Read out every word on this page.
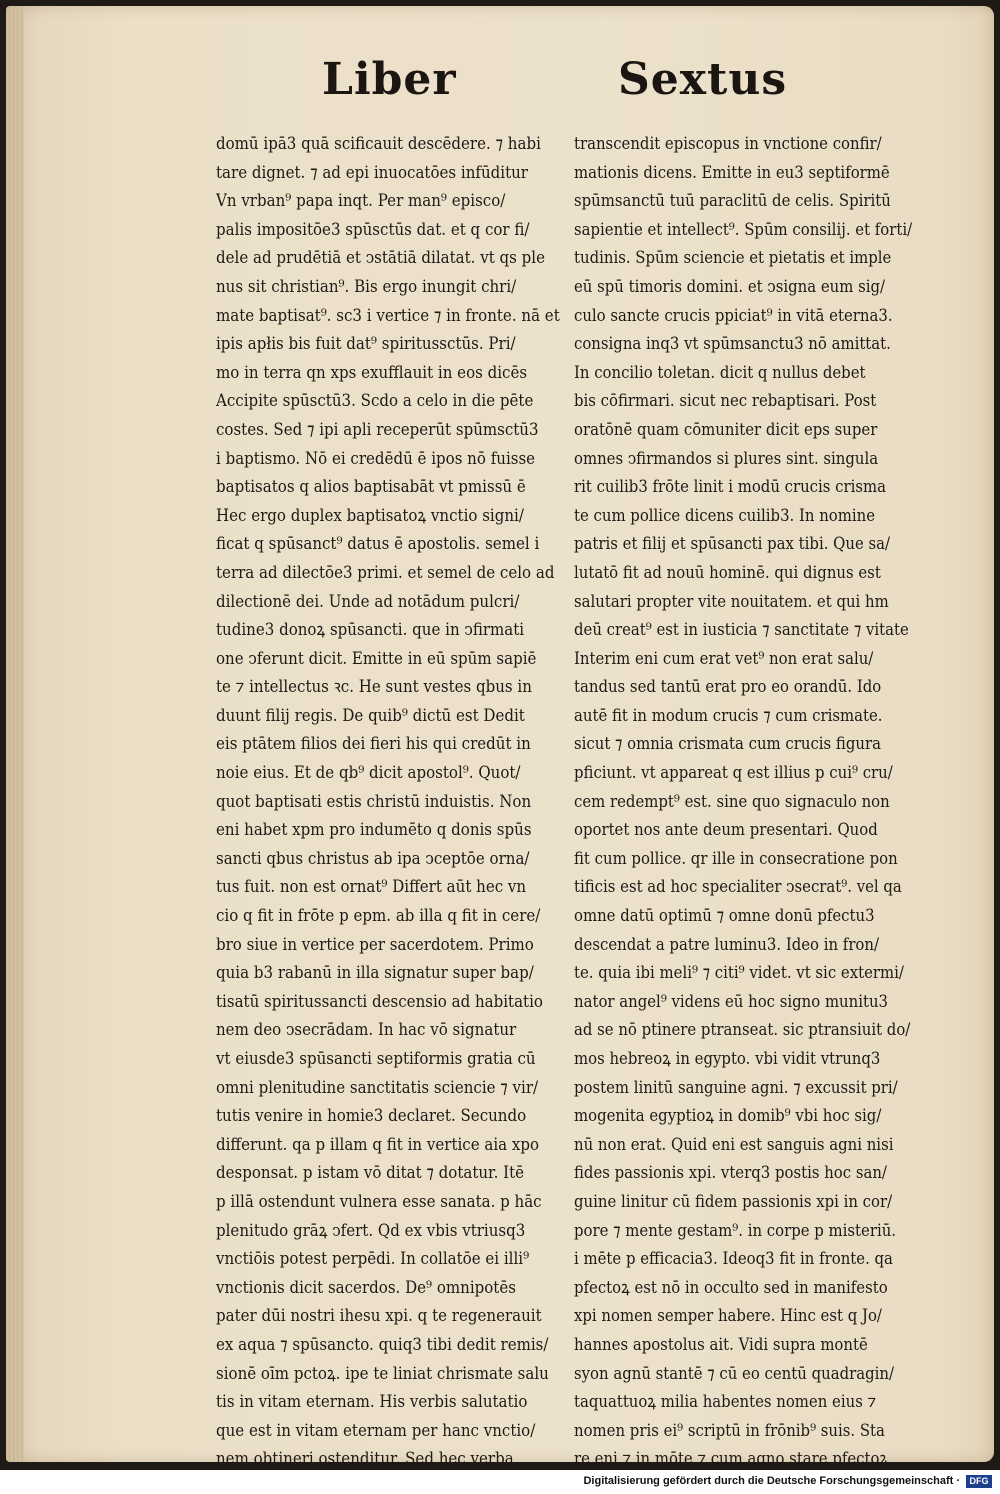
Liber	Sextus
domū ipā3 quā scificauit descēdere. ⁊ habi
tare dignet. ⁊ ad epi inuocatōes infūditur
Vn vrban⁹ papa inqt. Per man⁹ episco/
palis impositōe3 spūsctūs dat. et q cor fi/
dele ad prudētiā et ↄstātiā dilatat. vt qs ple
nus sit christian⁹. Bis ergo inungit chri/
mate baptisat⁹. sc3 i vertice ⁊ in fronte. nā et
ipis apłis bis fuit dat⁹ spiritussctūs. Pri/
mo in terra qn xps exufflauit in eos dicēs
Accipite spūsctū3. Scdo a celo in die pēte
costes. Sed ⁊ ipi apli receperūt spūmsctū3
i baptismo. Nō ei credēdū ē ipos nō fuisse
baptisatos q alios baptisabāt vt pmissū ē
Hec ergo duplex baptisatoꝝ vnctio signi/
ficat q spūsanct⁹ datus ē apostolis. semel i
terra ad dilectōe3 primi. et semel de celo ad
dilectionē dei. Unde ad notādum pulcri/
tudine3 donoꝝ spūsancti. que in ↄfirmati
one ↄferunt dicit. Emitte in eū spūm sapiē
te ⁊ intellectus ꝛc. He sunt vestes qbus in
duunt filij regis. De quib⁹ dictū est Dedit
eis ptātem filios dei fieri his qui credūt in
noie eius. Et de qb⁹ dicit apostol⁹. Quot/
quot baptisati estis christū induistis. Non
eni habet xpm pro indumēto q donis spūs
sancti qbus christus ab ipa ↄceptōe orna/
tus fuit. non est ornat⁹ Differt aūt hec vn
cio q fit in frōte p epm. ab illa q fit in cere/
bro siue in vertice per sacerdotem. Primo
quia b3 rabanū in illa signatur super bap/
tisatū spiritussancti descensio ad habitatio
nem deo ↄsecrādam. In hac vō signatur
vt eiusde3 spūsancti septiformis gratia cū
omni plenitudine sanctitatis sciencie ⁊ vir/
tutis venire in homie3 declaret. Secundo
differunt. qa p illam q fit in vertice aia xpo
desponsat. p istam vō ditat ⁊ dotatur. Itē
p illā ostendunt vulnera esse sanata. p hāc
plenitudo grāꝝ ↄfert. Qd ex vbis vtriusq3
vnctiōis potest perpēdi. In collatōe ei illi⁹
vnctionis dicit sacerdos. De⁹ omnipotēs
pater dūi nostri ihesu xpi. q te regenerauit
ex aqua ⁊ spūsancto. quiq3 tibi dedit remis/
sionē oīm pctoꝝ. ipe te liniat chrismate salu
tis in vitam eternam. His verbis salutatio
que est in vitam eternam per hanc vnctio/
nem obtineri ostenditur. Sed hec verba
transcendit episcopus in vnctione confir/
mationis dicens. Emitte in eu3 septiformē
spūmsanctū tuū paraclitū de celis. Spiritū
sapientie et intellect⁹. Spūm consilij. et forti/
tudinis. Spūm sciencie et pietatis et imple
eū spū timoris domini. et ↄsigna eum sig/
culo sancte crucis ppiciat⁹ in vitā eterna3.
consigna inq3 vt spūmsanctu3 nō amittat.
In concilio toletan. dicit q nullus debet
bis cōfirmari. sicut nec rebaptisari. Post
oratōnē quam cōmuniter dicit eps super
omnes ↄfirmandos si plures sint. singula
rit cuilib3 frōte linit i modū crucis crisma
te cum pollice dicens cuilib3. In nomine
patris et filij et spūsancti pax tibi. Que sa/
lutatō fit ad nouū hominē. qui dignus est
salutari propter vite nouitatem. et qui hm
deū creat⁹ est in iusticia ⁊ sanctitate ⁊ vitate
Interim eni cum erat vet⁹ non erat salu/
tandus sed tantū erat pro eo orandū. Ido
autē fit in modum crucis ⁊ cum crismate.
sicut ⁊ omnia crismata cum crucis figura
pficiunt. vt appareat q est illius p cui⁹ cru/
cem redempt⁹ est. sine quo signaculo non
oportet nos ante deum presentari. Quod
fit cum pollice. qr ille in consecratione pon
tificis est ad hoc specialiter ↄsecrat⁹. vel qa
omne datū optimū ⁊ omne donū pfectu3
descendat a patre luminu3. Ideo in fron/
te. quia ibi meli⁹ ⁊ citi⁹ videt. vt sic extermi/
nator angel⁹ videns eū hoc signo munitu3
ad se nō ptinere ptranseat. sic ptransiuit do/
mos hebreoꝝ in egypto. vbi vidit vtrunq3
postem linitū sanguine agni. ⁊ excussit pri/
mogenita egyptioꝝ in domib⁹ vbi hoc sig/
nū non erat. Quid eni est sanguis agni nisi
fides passionis xpi. vterq3 postis hoc san/
guine linitur cū fidem passionis xpi in cor/
pore ⁊ mente gestam⁹. in corpe p misteriū.
i mēte p efficacia3. Ideoq3 fit in fronte. qa
pfectoꝝ est nō in occulto sed in manifesto
xpi nomen semper habere. Hinc est q Jo/
hannes apostolus ait. Vidi supra montē
syon agnū stantē ⁊ cū eo centū quadragin/
taquattuoꝝ milia habentes nomen eius ⁊
nomen pris ei⁹ scriptū in frōnib⁹ suis. Sta
re eni ⁊ in mōte ⁊ cum agno stare pfectoꝝ
Digitalisierung gefördert durch die Deutsche Forschungsgemeinschaft ·	DFG
